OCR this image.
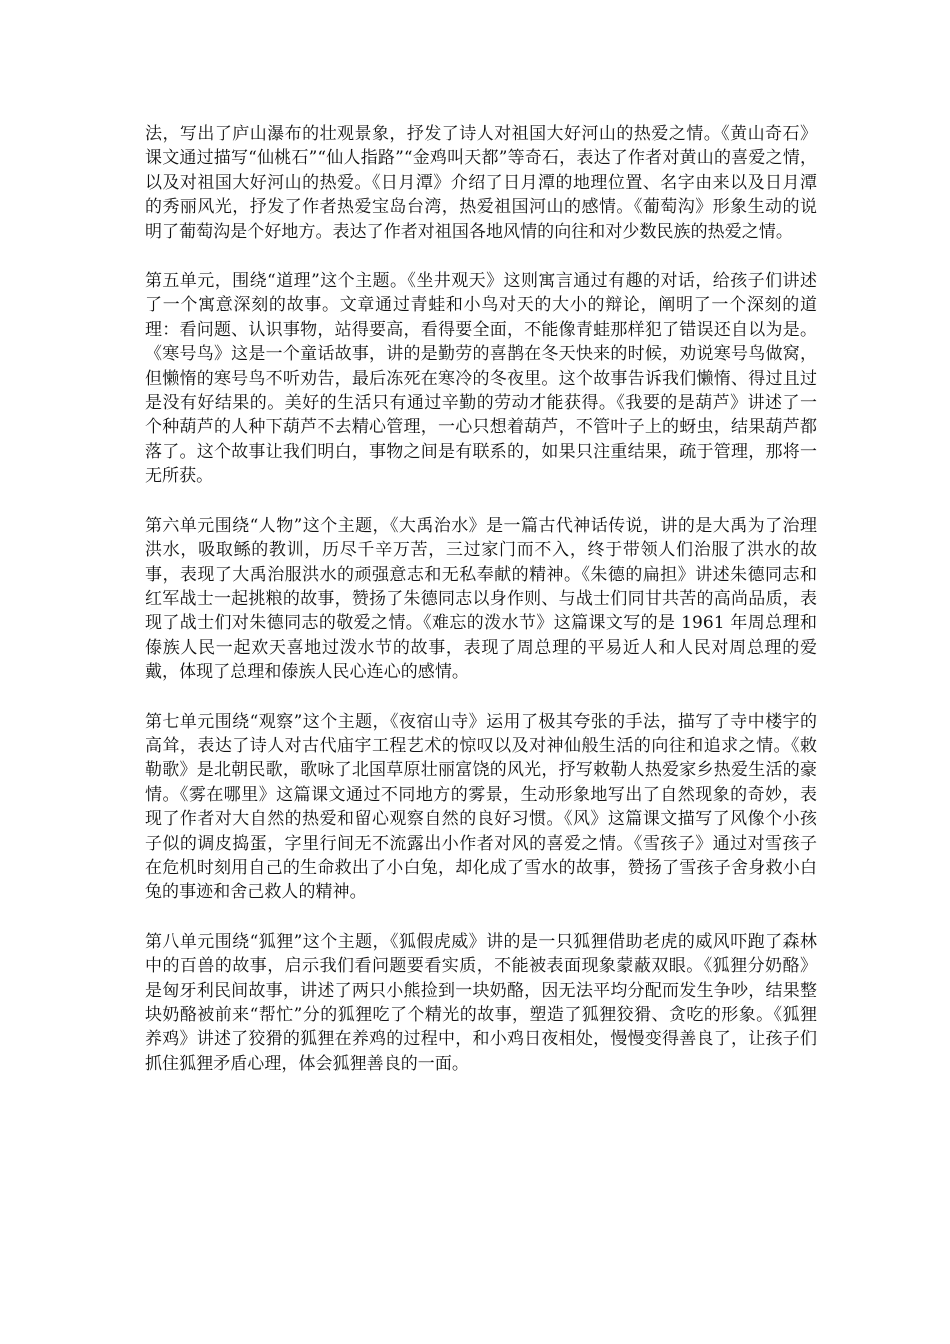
法，写出了庐山瀑布的壮观景象，抒发了诗人对祖国大好河山的热爱之情。《黄山奇石》课文通过描写“仙桃石”“仙人指路”“金鸡叫天都”等奇石，表达了作者对黄山的喜爱之情，以及对祖国大好河山的热爱。《日月潭》介绍了日月潭的地理位置、名字由来以及日月潭的秀丽风光，抒发了作者热爱宝岛台湾，热爱祖国河山的感情。《葡萄沟》形象生动的说明了葡萄沟是个好地方。表达了作者对祖国各地风情的向往和对少数民族的热爱之情。

第五单元，围绕“道理”这个主题。《坐井观天》这则寓言通过有趣的对话，给孩子们讲述了一个寓意深刻的故事。文章通过青蛙和小鸟对天的大小的辩论，阐明了一个深刻的道理：看问题、认识事物，站得要高，看得要全面，不能像青蛙那样犯了错误还自以为是。《寒号鸟》这是一个童话故事，讲的是勤劳的喜鹊在冬天快来的时候，劝说寒号鸟做窝，但懒惰的寒号鸟不听劝告，最后冻死在寒冷的冬夜里。这个故事告诉我们懒惰、得过且过是没有好结果的。美好的生活只有通过辛勤的劳动才能获得。《我要的是葫芦》讲述了一个种葫芦的人种下葫芦不去精心管理，一心只想着葫芦，不管叶子上的蚜虫，结果葫芦都落了。这个故事让我们明白，事物之间是有联系的，如果只注重结果，疏于管理，那将一无所获。

第六单元围绕“人物”这个主题，《大禹治水》是一篇古代神话传说，讲的是大禹为了治理洪水，吸取鲧的教训，历尽千辛万苦，三过家门而不入，终于带领人们治服了洪水的故事，表现了大禹治服洪水的顽强意志和无私奉献的精神。《朱德的扁担》讲述朱德同志和红军战士一起挑粮的故事，赞扬了朱德同志以身作则、与战士们同甘共苦的高尚品质，表现了战士们对朱德同志的敬爱之情。《难忘的泼水节》这篇课文写的是 1961 年周总理和傣族人民一起欢天喜地过泼水节的故事，表现了周总理的平易近人和人民对周总理的爱戴，体现了总理和傣族人民心连心的感情。

第七单元围绕“观察”这个主题，《夜宿山寺》运用了极其夸张的手法，描写了寺中楼宇的高耸，表达了诗人对古代庙宇工程艺术的惊叹以及对神仙般生活的向往和追求之情。《敕勒歌》是北朝民歌，歌咏了北国草原壮丽富饶的风光，抒写敕勒人热爱家乡热爱生活的豪情。《雾在哪里》这篇课文通过不同地方的雾景，生动形象地写出了自然现象的奇妙，表现了作者对大自然的热爱和留心观察自然的良好习惯。《风》这篇课文描写了风像个小孩子似的调皮捣蛋，字里行间无不流露出小作者对风的喜爱之情。《雪孩子》通过对雪孩子在危机时刻用自己的生命救出了小白兔，却化成了雪水的故事，赞扬了雪孩子舍身救小白兔的事迹和舍己救人的精神。

第八单元围绕“狐狸”这个主题，《狐假虎威》讲的是一只狐狸借助老虎的威风吓跑了森林中的百兽的故事，启示我们看问题要看实质，不能被表面现象蒙蔽双眼。《狐狸分奶酪》是匈牙利民间故事，讲述了两只小熊捡到一块奶酪，因无法平均分配而发生争吵，结果整块奶酪被前来“帮忙”分的狐狸吃了个精光的故事，塑造了狐狸狡猾、贪吃的形象。《狐狸养鸡》讲述了狡猾的狐狸在养鸡的过程中，和小鸡日夜相处，慢慢变得善良了，让孩子们抓住狐狸矛盾心理，体会狐狸善良的一面。
